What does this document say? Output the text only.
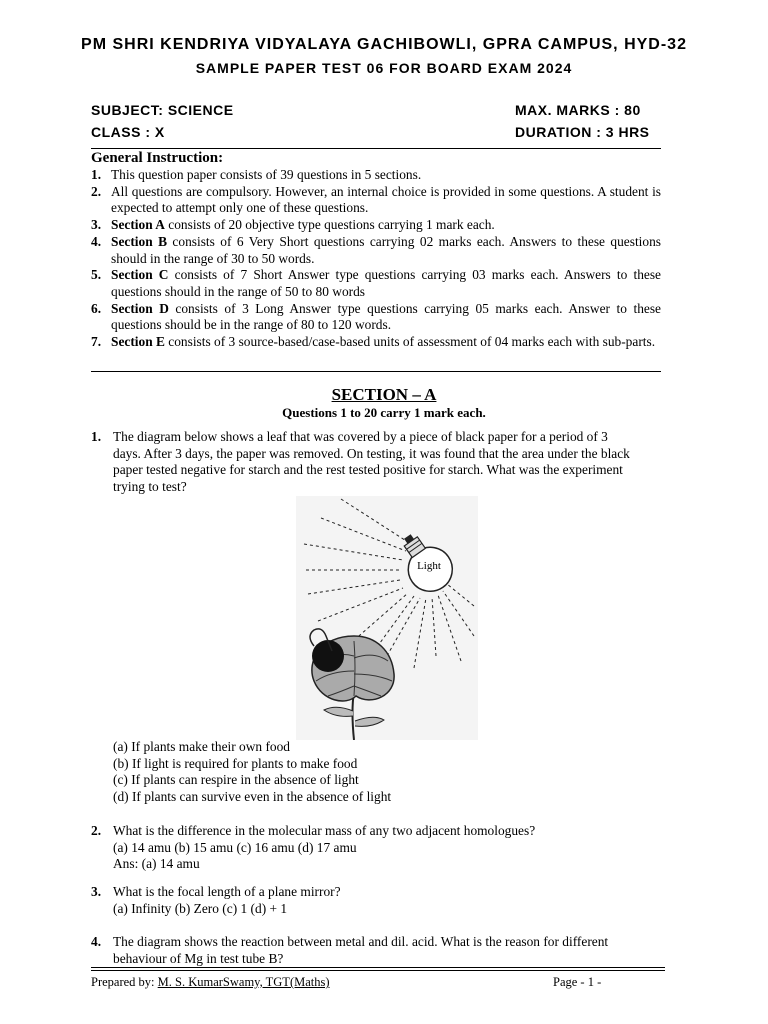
PM SHRI KENDRIYA VIDYALAYA GACHIBOWLI, GPRA CAMPUS, HYD-32
SAMPLE PAPER TEST 06 FOR BOARD EXAM 2024
SUBJECT: SCIENCE
CLASS : X
MAX. MARKS : 80
DURATION : 3 HRS
General Instruction:
1. This question paper consists of 39 questions in 5 sections.
2. All questions are compulsory. However, an internal choice is provided in some questions. A student is expected to attempt only one of these questions.
3. Section A consists of 20 objective type questions carrying 1 mark each.
4. Section B consists of 6 Very Short questions carrying 02 marks each. Answers to these questions should in the range of 30 to 50 words.
5. Section C consists of 7 Short Answer type questions carrying 03 marks each. Answers to these questions should in the range of 50 to 80 words
6. Section D consists of 3 Long Answer type questions carrying 05 marks each. Answer to these questions should be in the range of 80 to 120 words.
7. Section E consists of 3 source-based/case-based units of assessment of 04 marks each with sub-parts.
SECTION – A
Questions 1 to 20 carry 1 mark each.
1. The diagram below shows a leaf that was covered by a piece of black paper for a period of 3 days. After 3 days, the paper was removed. On testing, it was found that the area under the black paper tested negative for starch and the rest tested positive for starch. What was the experiment trying to test?
Light
(a) If plants make their own food
(b) If light is required for plants to make food
(c) If plants can respire in the absence of light
(d) If plants can survive even in the absence of light
2. What is the difference in the molecular mass of any two adjacent homologues?
(a) 14 amu (b) 15 amu (c) 16 amu (d) 17 amu
Ans: (a) 14 amu
3. What is the focal length of a plane mirror?
(a) Infinity (b) Zero (c) 1 (d) + 1
4. The diagram shows the reaction between metal and dil. acid. What is the reason for different behaviour of Mg in test tube B?
Prepared by: M. S. KumarSwamy, TGT(Maths)	Page - 1 -
